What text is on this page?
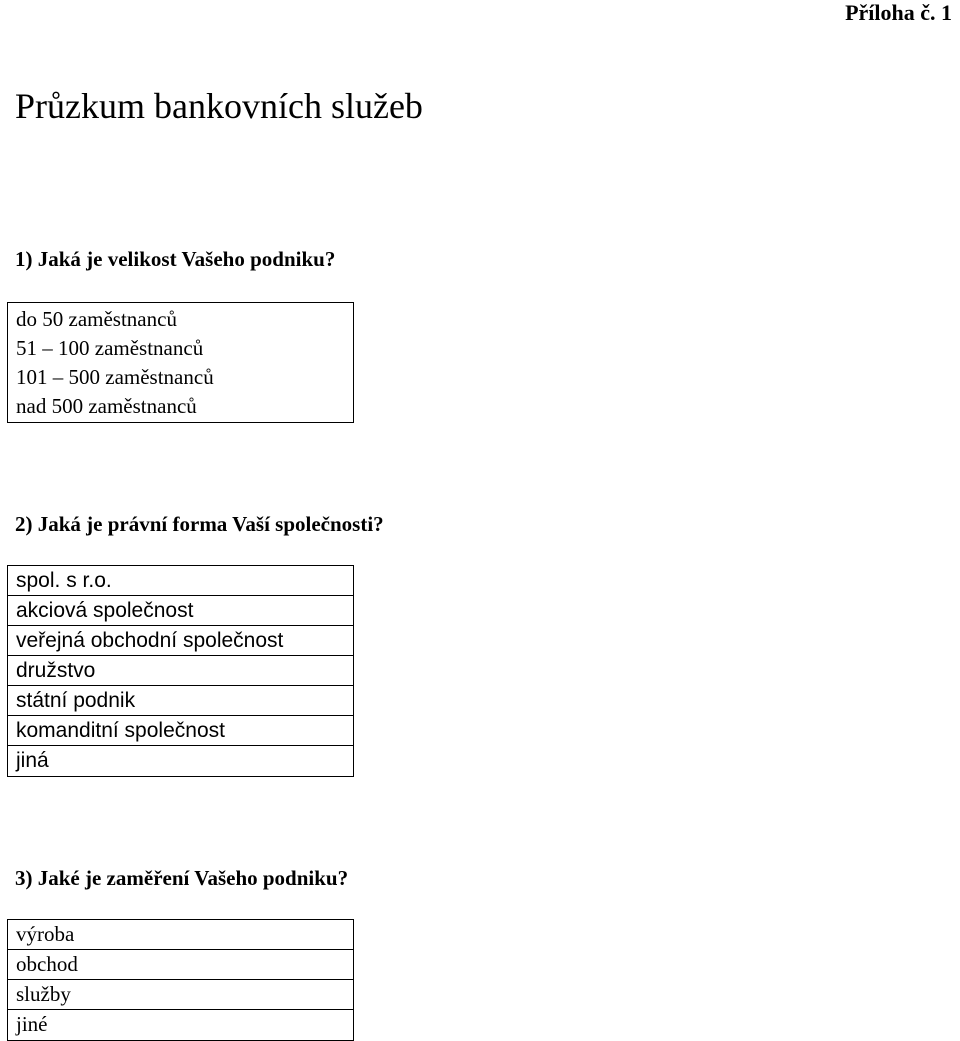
Příloha č. 1
Průzkum bankovních služeb

1) Jaká je velikost Vašeho podniku?

do 50 zaměstnanců
51 – 100 zaměstnanců
101 – 500 zaměstnanců
nad 500 zaměstnanců

2) Jaká je právní forma Vaší společnosti?

spol. s r.o.
akciová společnost
veřejná obchodní společnost
družstvo
státní podnik
komanditní společnost
jiná

3) Jaké je zaměření Vašeho podniku?

výroba
obchod
služby
jiné
